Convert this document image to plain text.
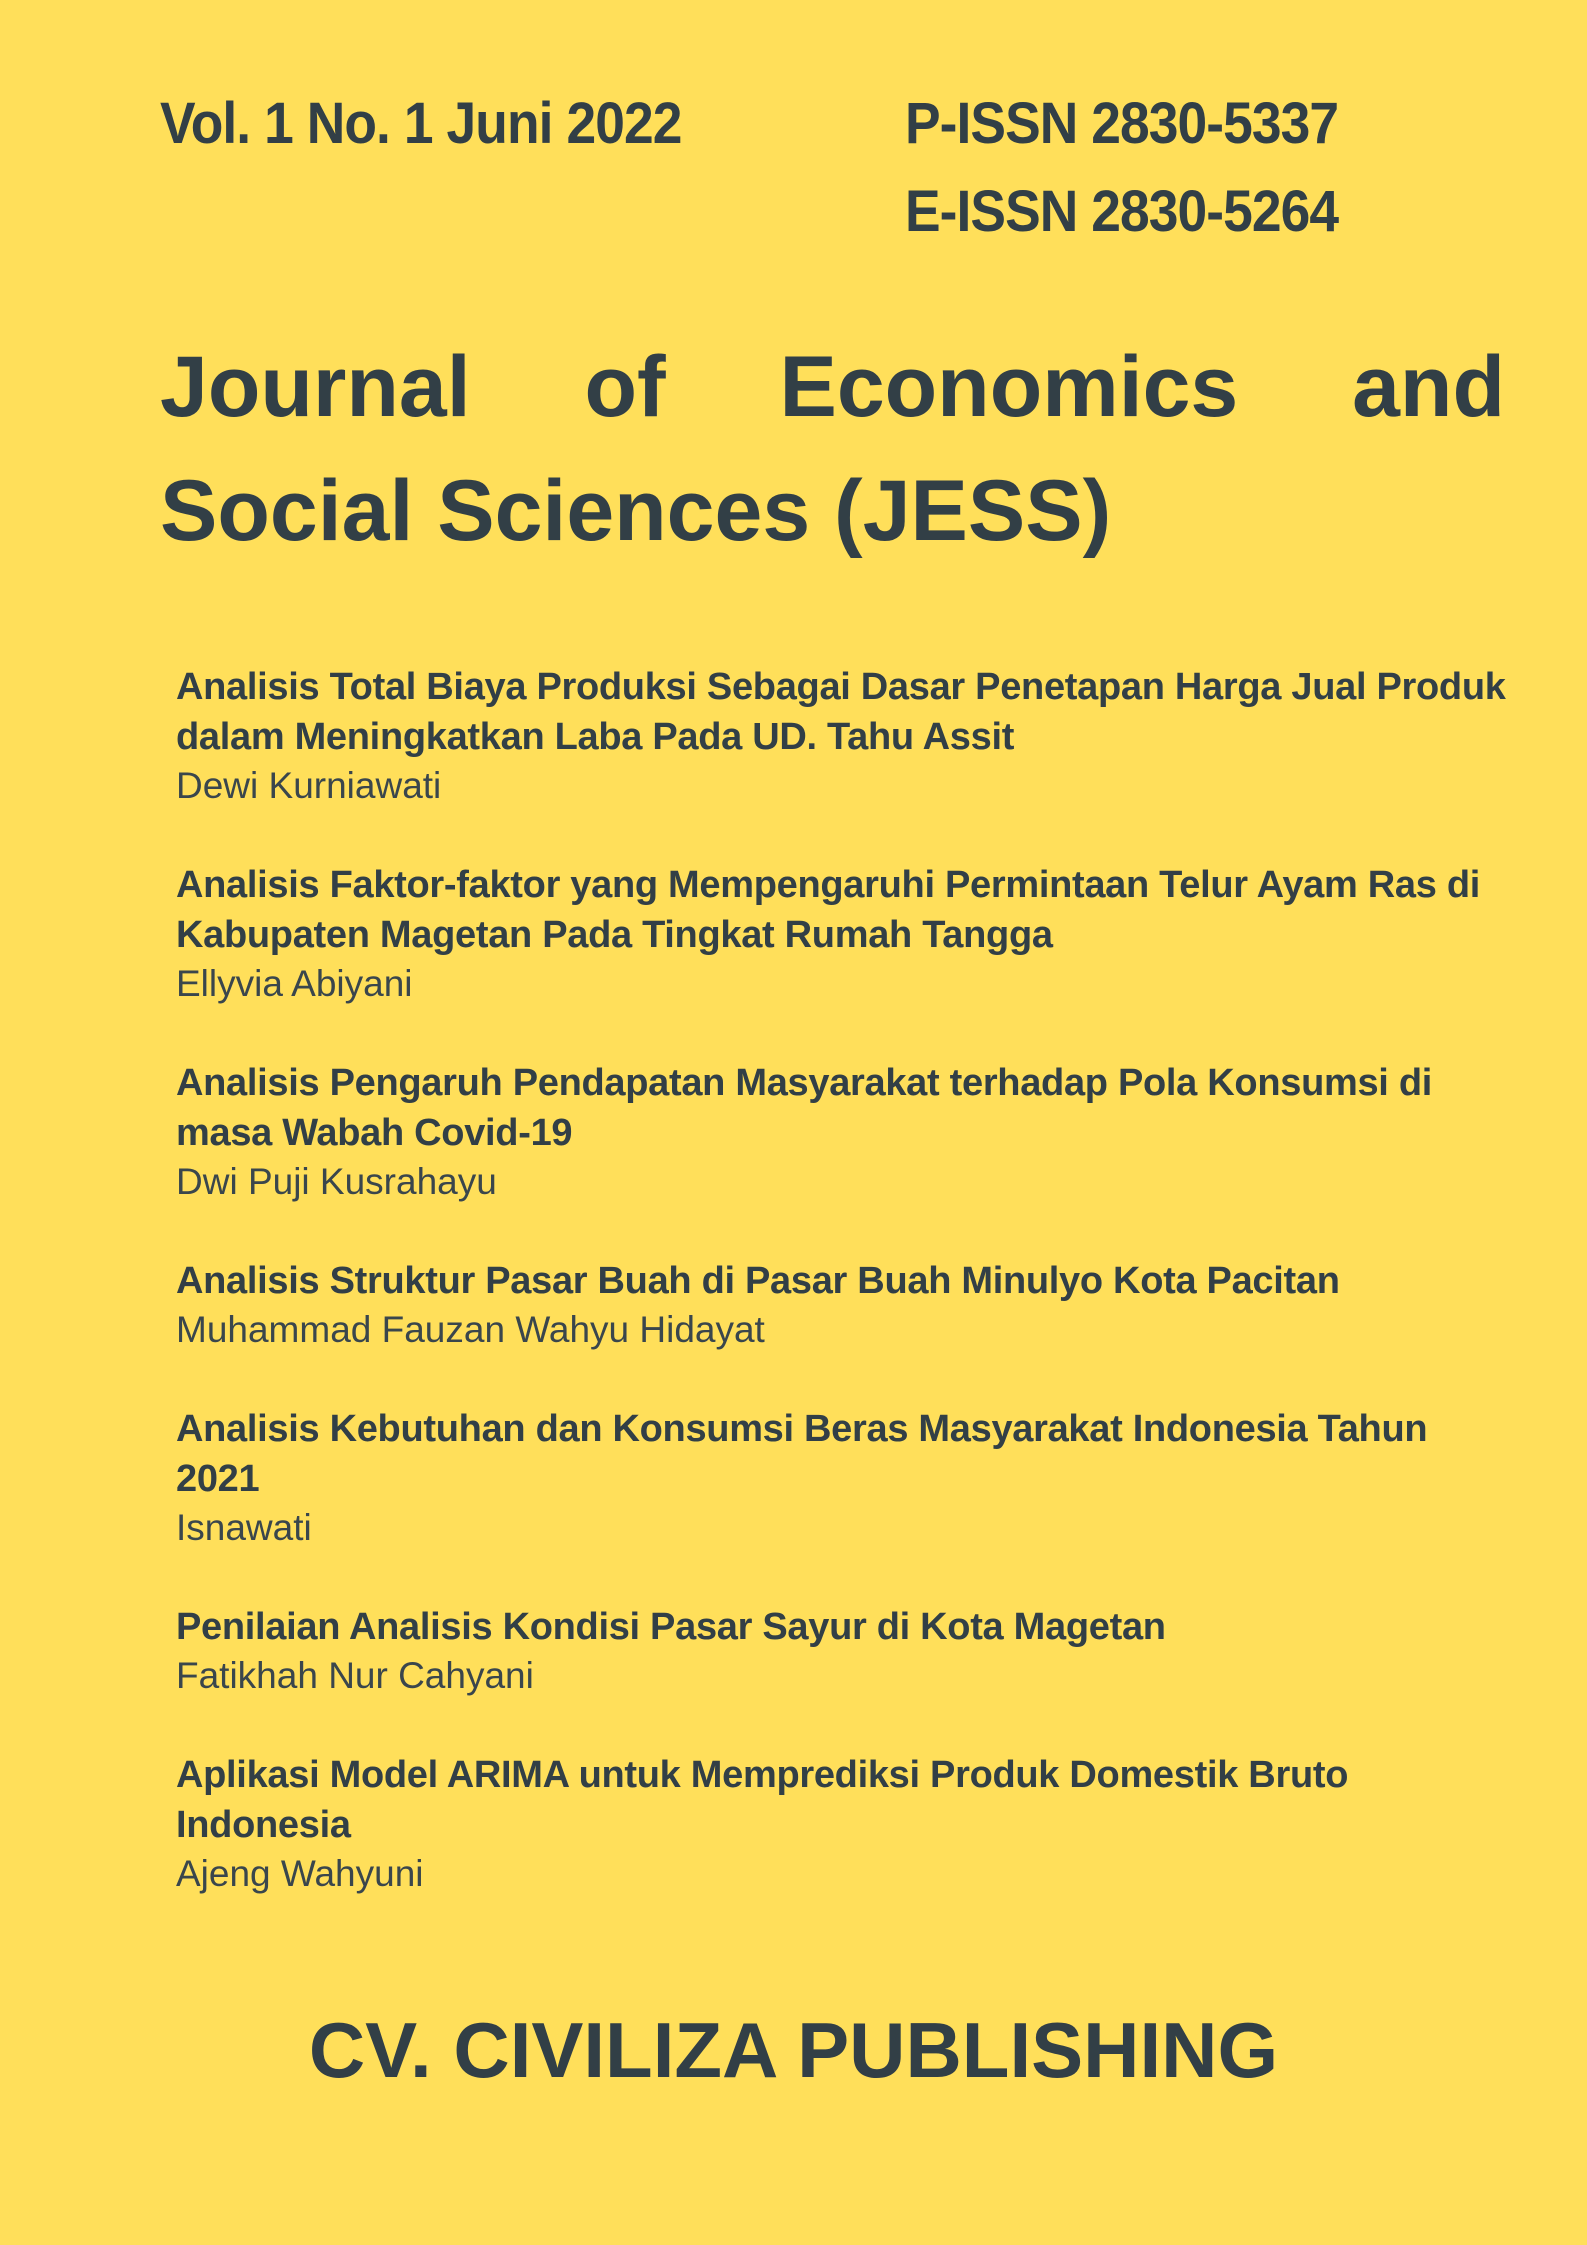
Vol. 1 No. 1 Juni 2022	P-ISSN 2830-5337
E-ISSN 2830-5264
Journal of Economics and
Social Sciences (JESS)
Analisis Total Biaya Produksi Sebagai Dasar Penetapan Harga Jual Produk dalam Meningkatkan Laba Pada UD. Tahu Assit
Dewi Kurniawati
Analisis Faktor-faktor yang Mempengaruhi Permintaan Telur Ayam Ras di Kabupaten Magetan Pada Tingkat Rumah Tangga
Ellyvia Abiyani
Analisis Pengaruh Pendapatan Masyarakat terhadap Pola Konsumsi di masa Wabah Covid-19
Dwi Puji Kusrahayu
Analisis Struktur Pasar Buah di Pasar Buah Minulyo Kota Pacitan
Muhammad Fauzan Wahyu Hidayat
Analisis Kebutuhan dan Konsumsi Beras Masyarakat Indonesia Tahun 2021
Isnawati
Penilaian Analisis Kondisi Pasar Sayur di Kota Magetan
Fatikhah Nur Cahyani
Aplikasi Model ARIMA untuk Memprediksi Produk Domestik Bruto Indonesia
Ajeng Wahyuni
CV. CIVILIZA PUBLISHING
